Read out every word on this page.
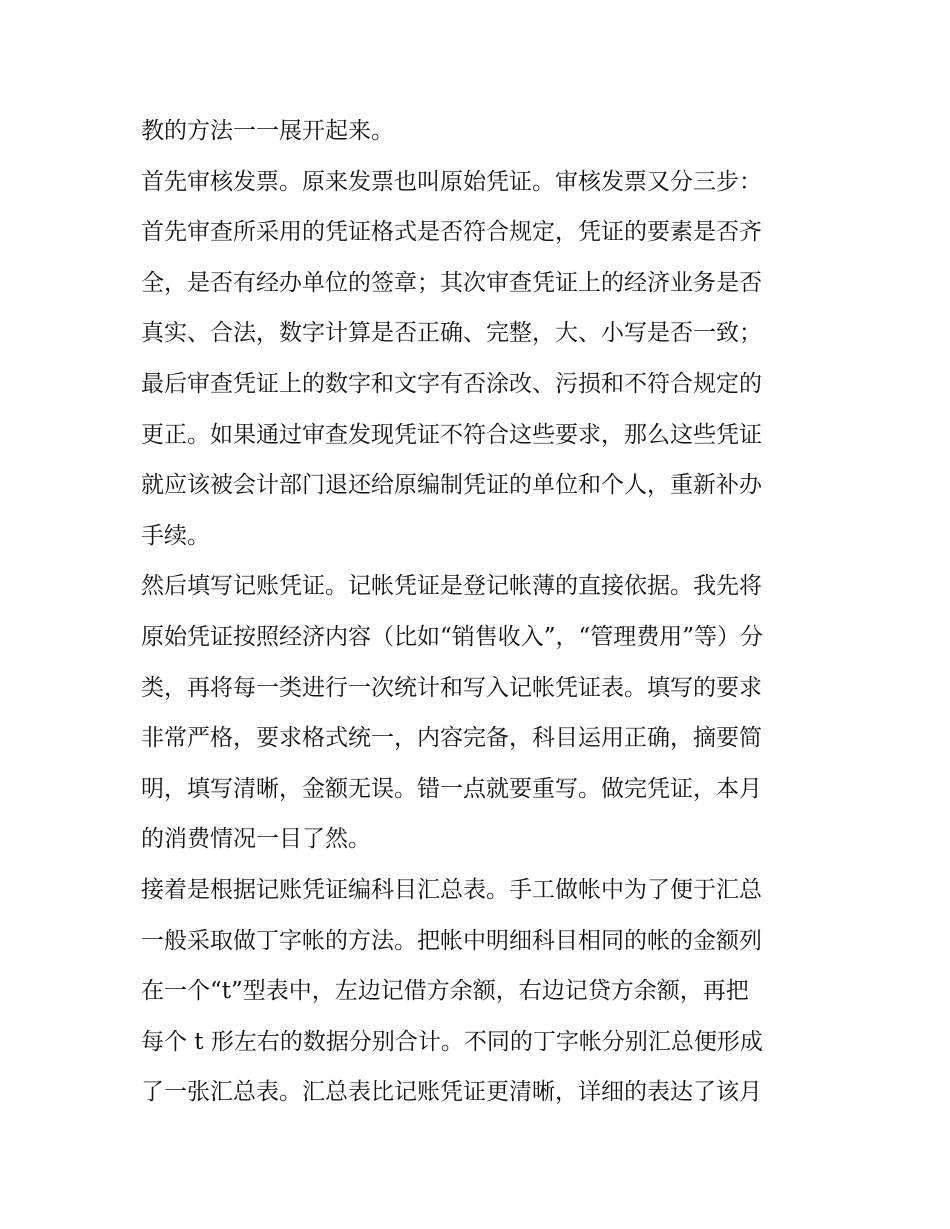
教的方法一一展开起来。
首先审核发票。原来发票也叫原始凭证。审核发票又分三步：
首先审查所采用的凭证格式是否符合规定，凭证的要素是否齐
全，是否有经办单位的签章；其次审查凭证上的经济业务是否
真实、合法，数字计算是否正确、完整，大、小写是否一致；
最后审查凭证上的数字和文字有否涂改、污损和不符合规定的
更正。如果通过审查发现凭证不符合这些要求，那么这些凭证
就应该被会计部门退还给原编制凭证的单位和个人，重新补办
手续。
然后填写记账凭证。记帐凭证是登记帐薄的直接依据。我先将
原始凭证按照经济内容（比如“销售收入”，“管理费用”等）分
类，再将每一类进行一次统计和写入记帐凭证表。填写的要求
非常严格，要求格式统一，内容完备，科目运用正确，摘要简
明，填写清晰，金额无误。错一点就要重写。做完凭证，本月
的消费情况一目了然。
接着是根据记账凭证编科目汇总表。手工做帐中为了便于汇总
一般采取做丁字帐的方法。把帐中明细科目相同的帐的金额列
在一个“t”型表中，左边记借方余额，右边记贷方余额，再把
每个 t 形左右的数据分别合计。不同的丁字帐分别汇总便形成
了一张汇总表。汇总表比记账凭证更清晰，详细的表达了该月
